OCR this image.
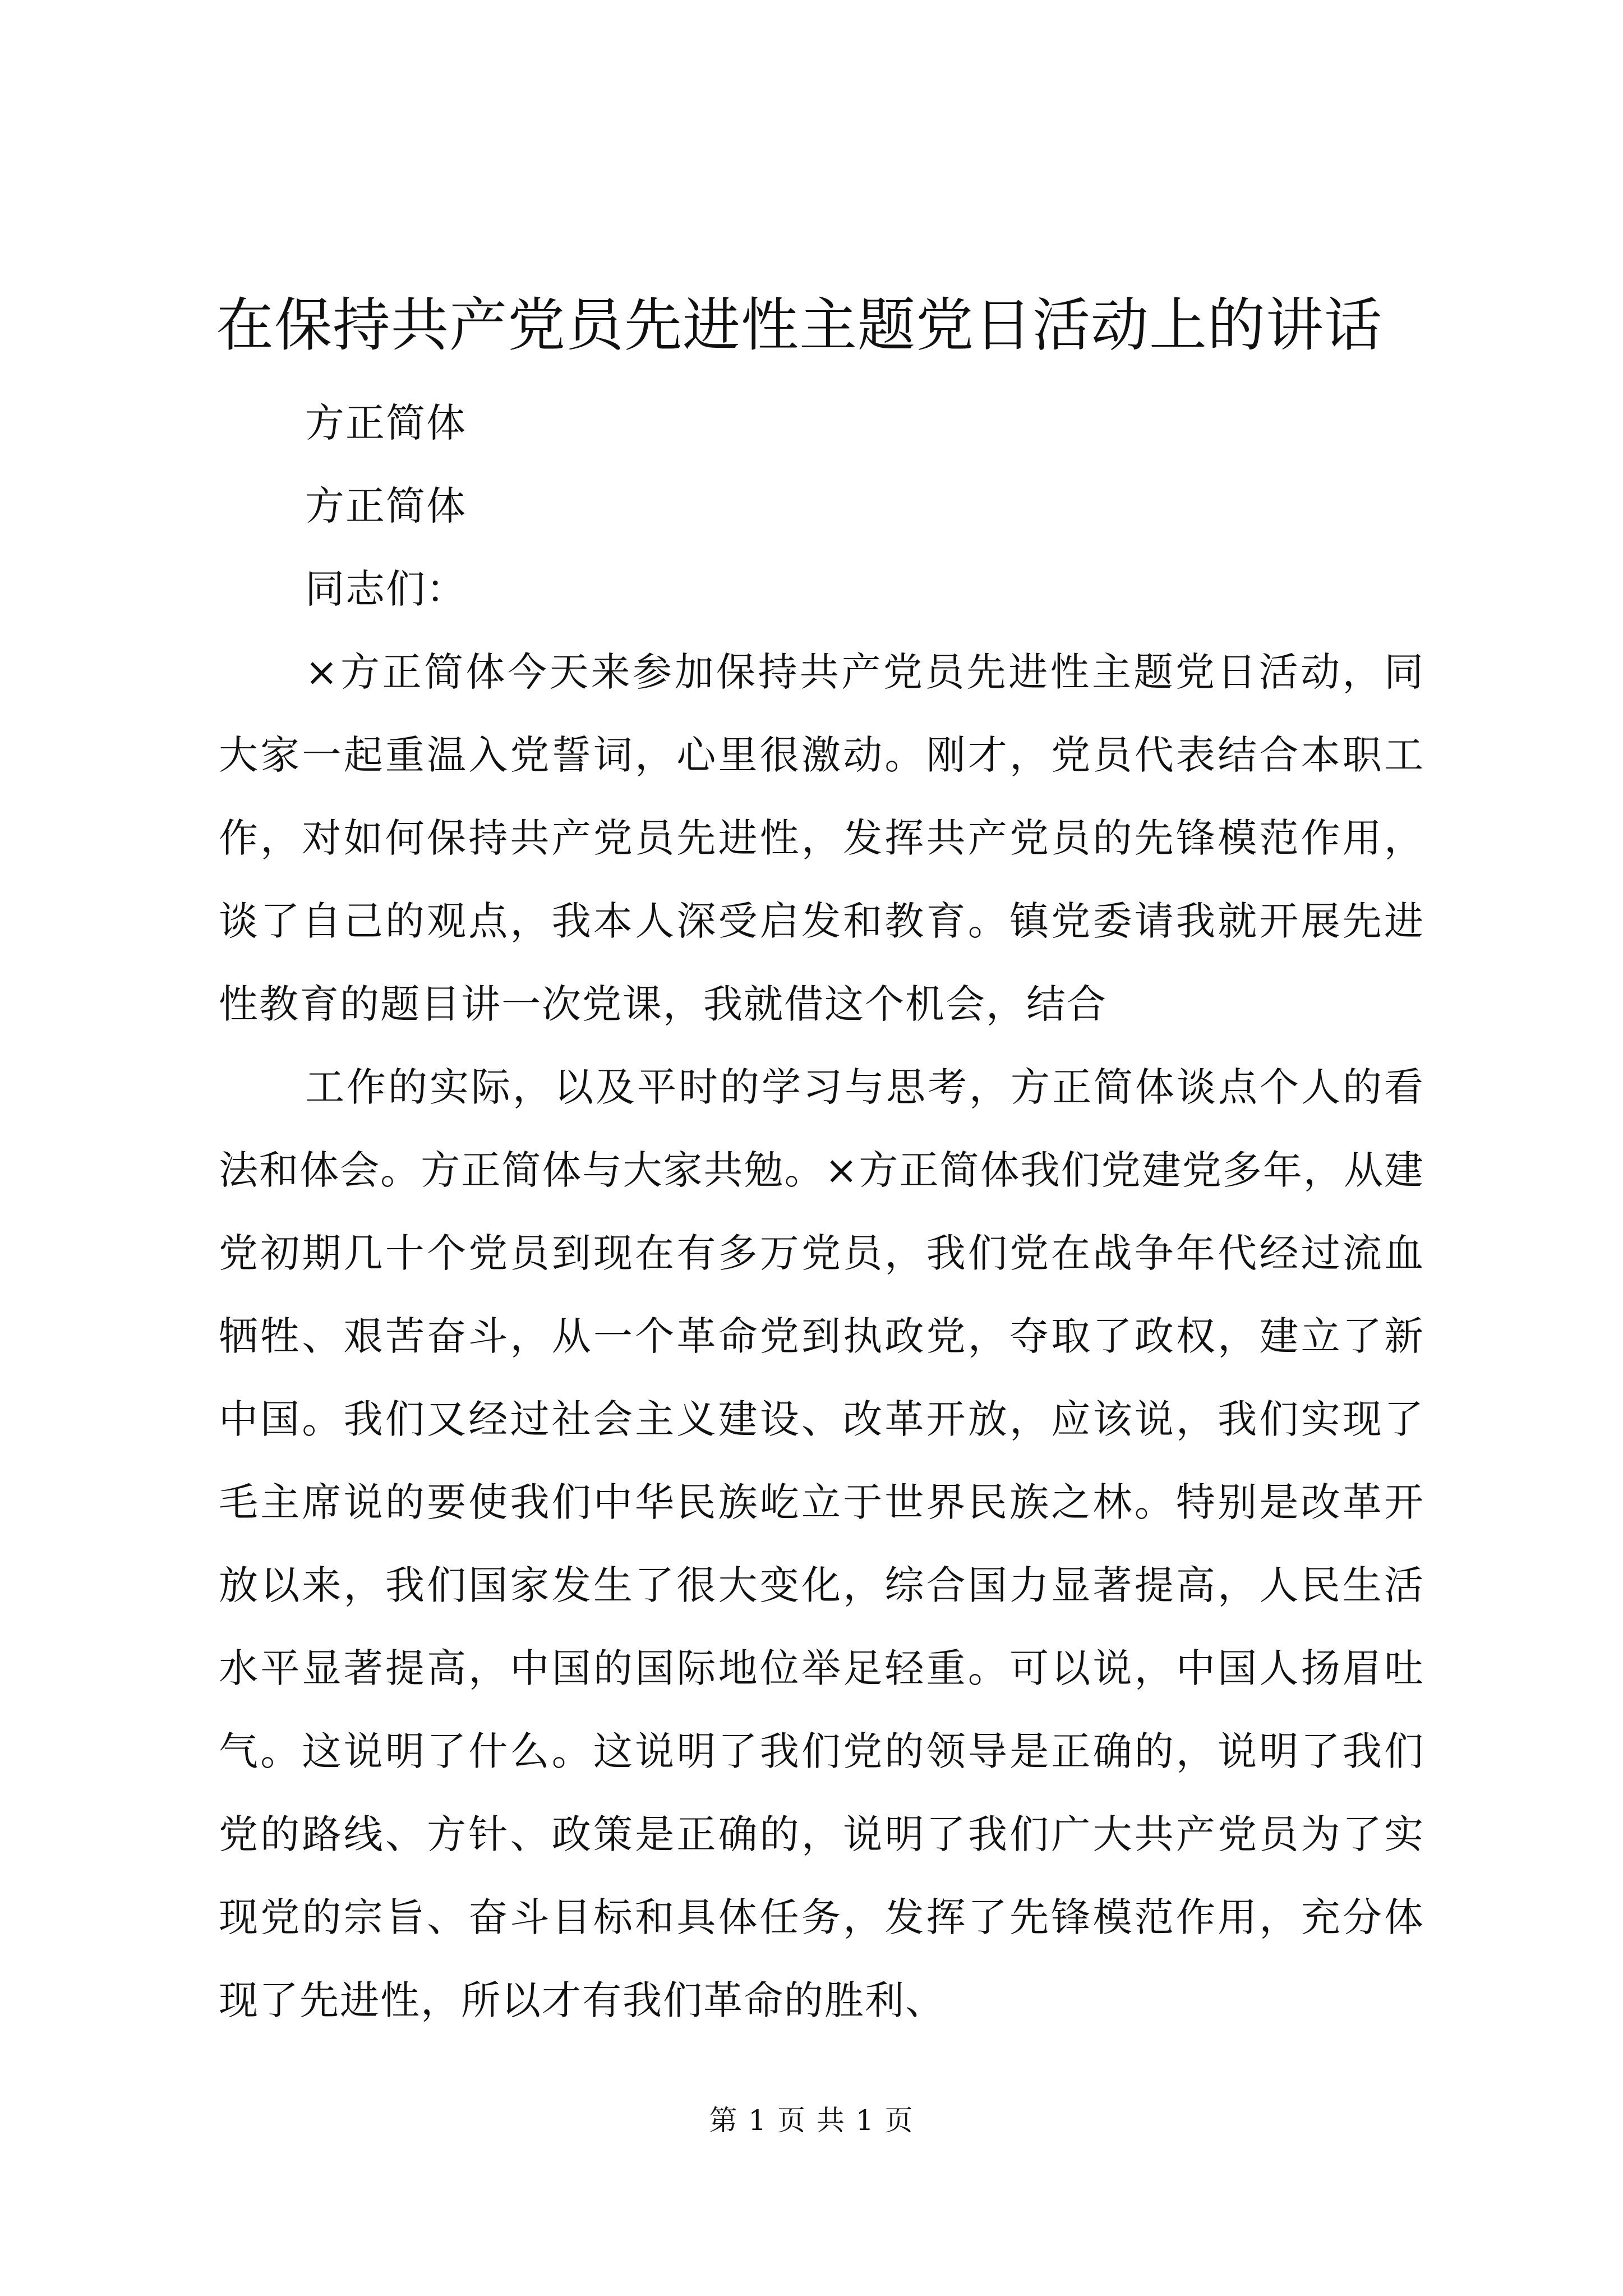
在保持共产党员先进性主题党日活动上的讲话

方正简体

方正简体

同志们：

×方正简体今天来参加保持共产党员先进性主题党日活动，同大家一起重温入党誓词，心里很激动。刚才，党员代表结合本职工作，对如何保持共产党员先进性，发挥共产党员的先锋模范作用，谈了自己的观点，我本人深受启发和教育。镇党委请我就开展先进性教育的题目讲一次党课，我就借这个机会，结合

工作的实际，以及平时的学习与思考，方正简体谈点个人的看法和体会。方正简体与大家共勉。×方正简体我们党建党多年，从建党初期几十个党员到现在有多万党员，我们党在战争年代经过流血牺牲、艰苦奋斗，从一个革命党到执政党，夺取了政权，建立了新中国。我们又经过社会主义建设、改革开放，应该说，我们实现了毛主席说的要使我们中华民族屹立于世界民族之林。特别是改革开放以来，我们国家发生了很大变化，综合国力显著提高，人民生活水平显著提高，中国的国际地位举足轻重。可以说，中国人扬眉吐气。这说明了什么。这说明了我们党的领导是正确的，说明了我们党的路线、方针、政策是正确的，说明了我们广大共产党员为了实现党的宗旨、奋斗目标和具体任务，发挥了先锋模范作用，充分体现了先进性，所以才有我们革命的胜利、

第 1 页 共 1 页
